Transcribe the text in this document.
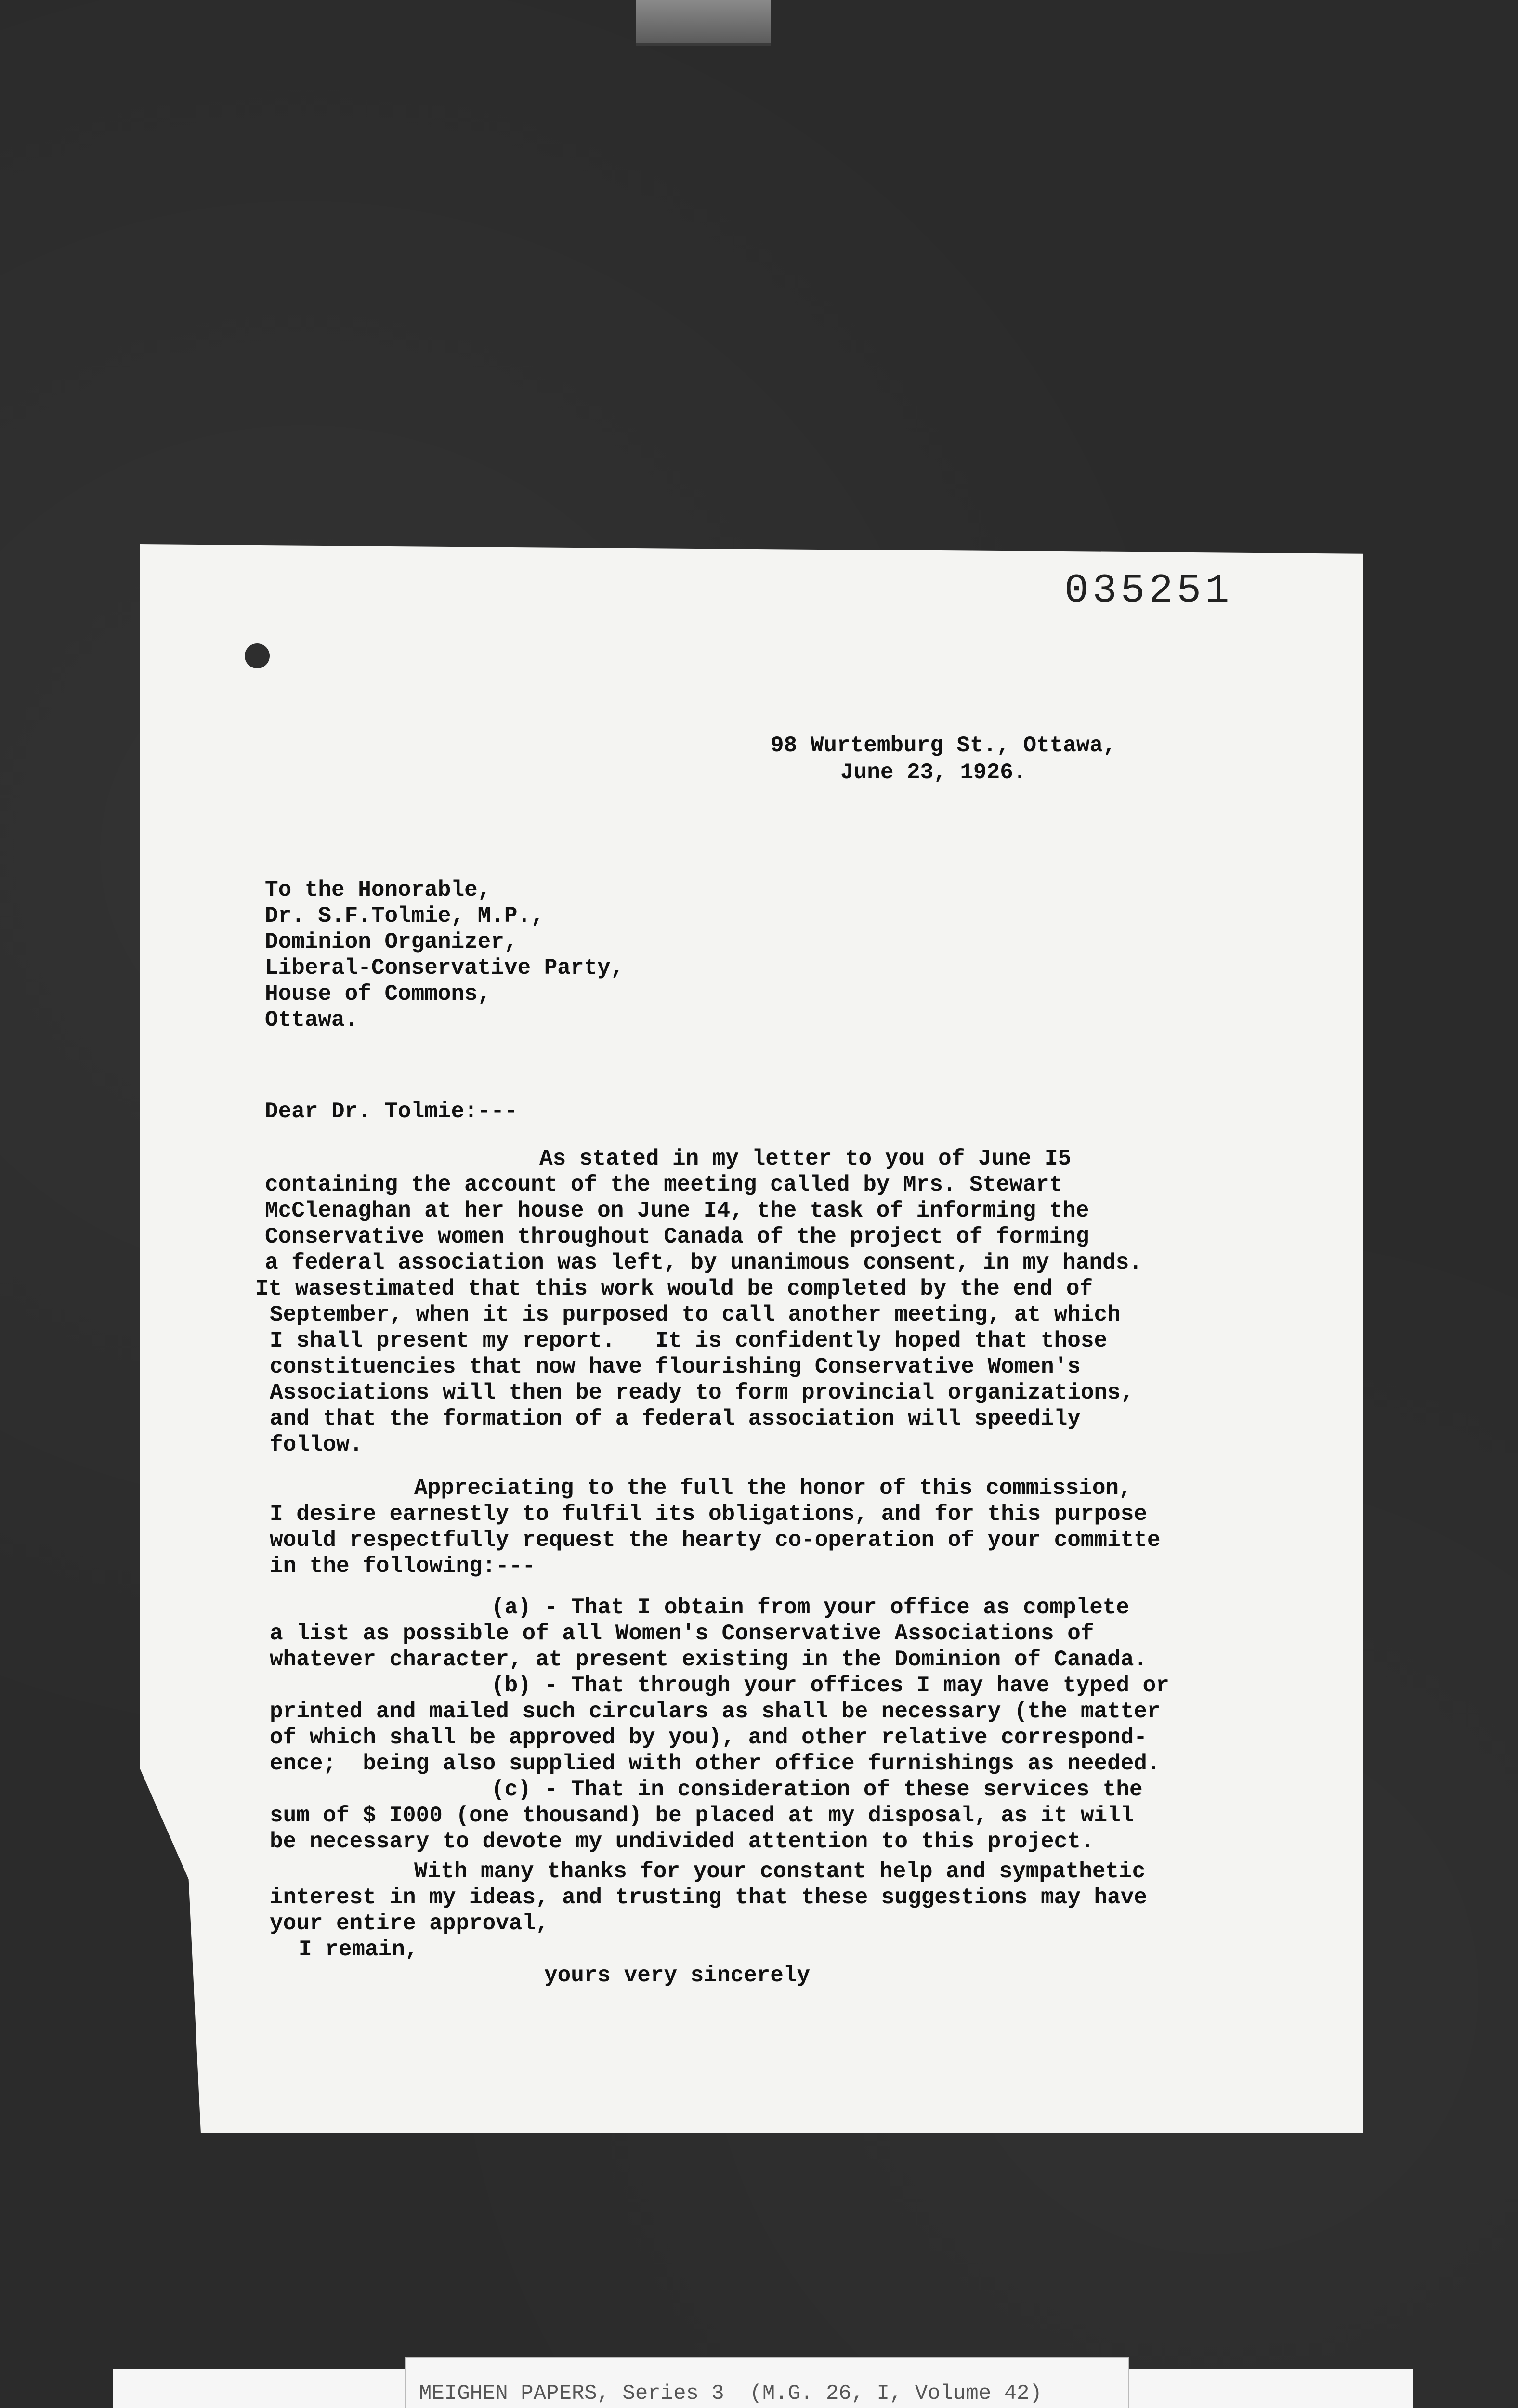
035251
98 Wurtemburg St., Ottawa,
June 23, 1926.
To the Honorable,
Dr. S.F.Tolmie, M.P.,
Dominion Organizer,
Liberal-Conservative Party,
House of Commons,
Ottawa.
Dear Dr. Tolmie:---
As stated in my letter to you of June I5
containing the account of the meeting called by Mrs. Stewart
McClenaghan at her house on June I4, the task of informing the
Conservative women throughout Canada of the project of forming
a federal association was left, by unanimous consent, in my hands.
It wasestimated that this work would be completed by the end of
September, when it is purposed to call another meeting, at which
I shall present my report.   It is confidently hoped that those
constituencies that now have flourishing Conservative Women's
Associations will then be ready to form provincial organizations,
and that the formation of a federal association will speedily
follow.
Appreciating to the full the honor of this commission,
I desire earnestly to fulfil its obligations, and for this purpose
would respectfully request the hearty co-operation of your committe
in the following:---
(a) - That I obtain from your office as complete
a list as possible of all Women's Conservative Associations of
whatever character, at present existing in the Dominion of Canada.
(b) - That through your offices I may have typed or
printed and mailed such circulars as shall be necessary (the matter
of which shall be approved by you), and other relative correspond-
ence;  being also supplied with other office furnishings as needed.
(c) - That in consideration of these services the
sum of $ I000 (one thousand) be placed at my disposal, as it will
be necessary to devote my undivided attention to this project.
With many thanks for your constant help and sympathetic
interest in my ideas, and trusting that these suggestions may have
your entire approval,
I remain,
yours very sincerely
MEIGHEN PAPERS, Series 3  (M.G. 26, I, Volume 42)
